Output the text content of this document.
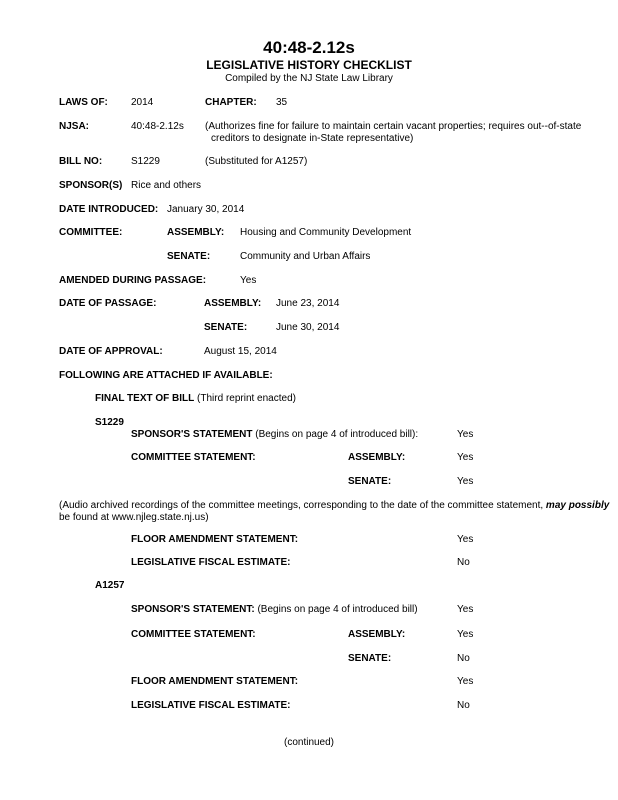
40:48-2.12s
LEGISLATIVE HISTORY CHECKLIST
Compiled by the NJ State Law Library
LAWS OF: 2014	CHAPTER: 35
NJSA:	40:48-2.12s (Authorizes fine for failure to maintain certain vacant properties; requires out--of-state
creditors to designate in-State representative)
BILL NO:	S1229	(Substituted for A1257)
SPONSOR(S) Rice and others
DATE INTRODUCED: January 30, 2014
COMMITTEE:	ASSEMBLY: Housing and Community Development
SENATE:	Community and Urban Affairs
AMENDED DURING PASSAGE:	Yes
DATE OF PASSAGE:	ASSEMBLY: June 23, 2014
SENATE:	June 30, 2014
DATE OF APPROVAL:	August 15, 2014
FOLLOWING ARE ATTACHED IF AVAILABLE:
FINAL TEXT OF BILL (Third reprint enacted)
S1229
SPONSOR'S STATEMENT (Begins on page 4 of introduced bill):	Yes
COMMITTEE STATEMENT:	ASSEMBLY:	Yes
SENATE:	Yes
(Audio archived recordings of the committee meetings, corresponding to the date of the committee statement, may possibly
be found at www.njleg.state.nj.us)
FLOOR AMENDMENT STATEMENT:	Yes
LEGISLATIVE FISCAL ESTIMATE:	No
A1257
SPONSOR'S STATEMENT: (Begins on page 4 of introduced bill)	Yes
COMMITTEE STATEMENT:	ASSEMBLY:	Yes
SENATE:	No
FLOOR AMENDMENT STATEMENT:	Yes
LEGISLATIVE FISCAL ESTIMATE:	No
(continued)
